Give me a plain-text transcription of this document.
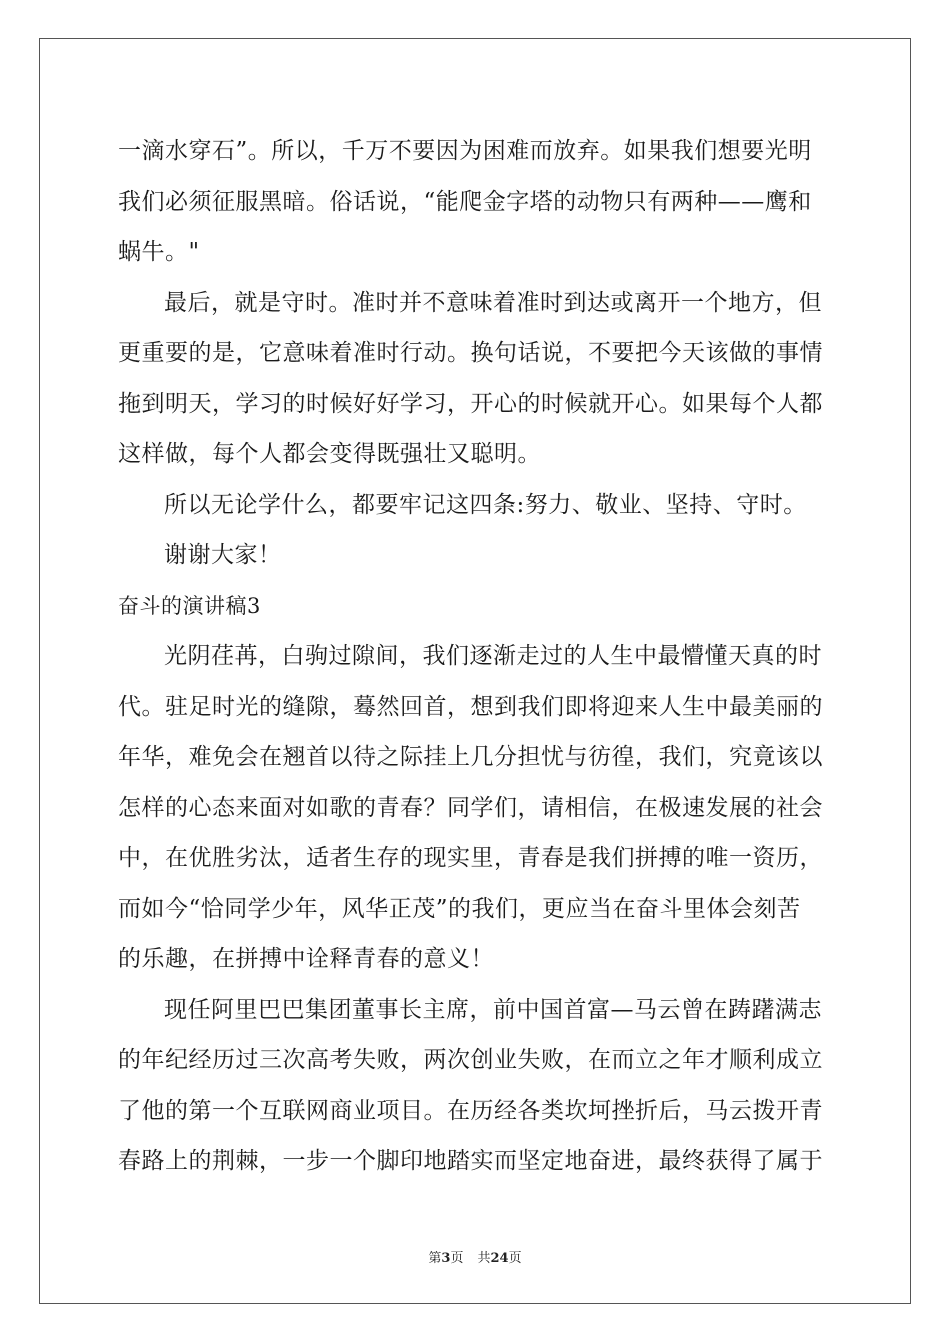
一滴水穿石”。所以，千万不要因为困难而放弃。如果我们想要光明
我们必须征服黑暗。俗话说，“能爬金字塔的动物只有两种——鹰和
蜗牛。"
最后，就是守时。准时并不意味着准时到达或离开一个地方，但
更重要的是，它意味着准时行动。换句话说，不要把今天该做的事情
拖到明天，学习的时候好好学习，开心的时候就开心。如果每个人都
这样做，每个人都会变得既强壮又聪明。
所以无论学什么，都要牢记这四条:努力、敬业、坚持、守时。
谢谢大家！
奋斗的演讲稿3
光阴荏苒，白驹过隙间，我们逐渐走过的人生中最懵懂天真的时
代。驻足时光的缝隙，蓦然回首，想到我们即将迎来人生中最美丽的
年华，难免会在翘首以待之际挂上几分担忧与彷徨，我们，究竟该以
怎样的心态来面对如歌的青春？同学们，请相信，在极速发展的社会
中，在优胜劣汰，适者生存的现实里，青春是我们拼搏的唯一资历，
而如今“恰同学少年，风华正茂”的我们，更应当在奋斗里体会刻苦
的乐趣，在拼搏中诠释青春的意义！
现任阿里巴巴集团董事长主席，前中国首富—马云曾在踌躇满志
的年纪经历过三次高考失败，两次创业失败，在而立之年才顺利成立
了他的第一个互联网商业项目。在历经各类坎坷挫折后，马云拨开青
春路上的荆棘，一步一个脚印地踏实而坚定地奋进，最终获得了属于
第3页 共24页
